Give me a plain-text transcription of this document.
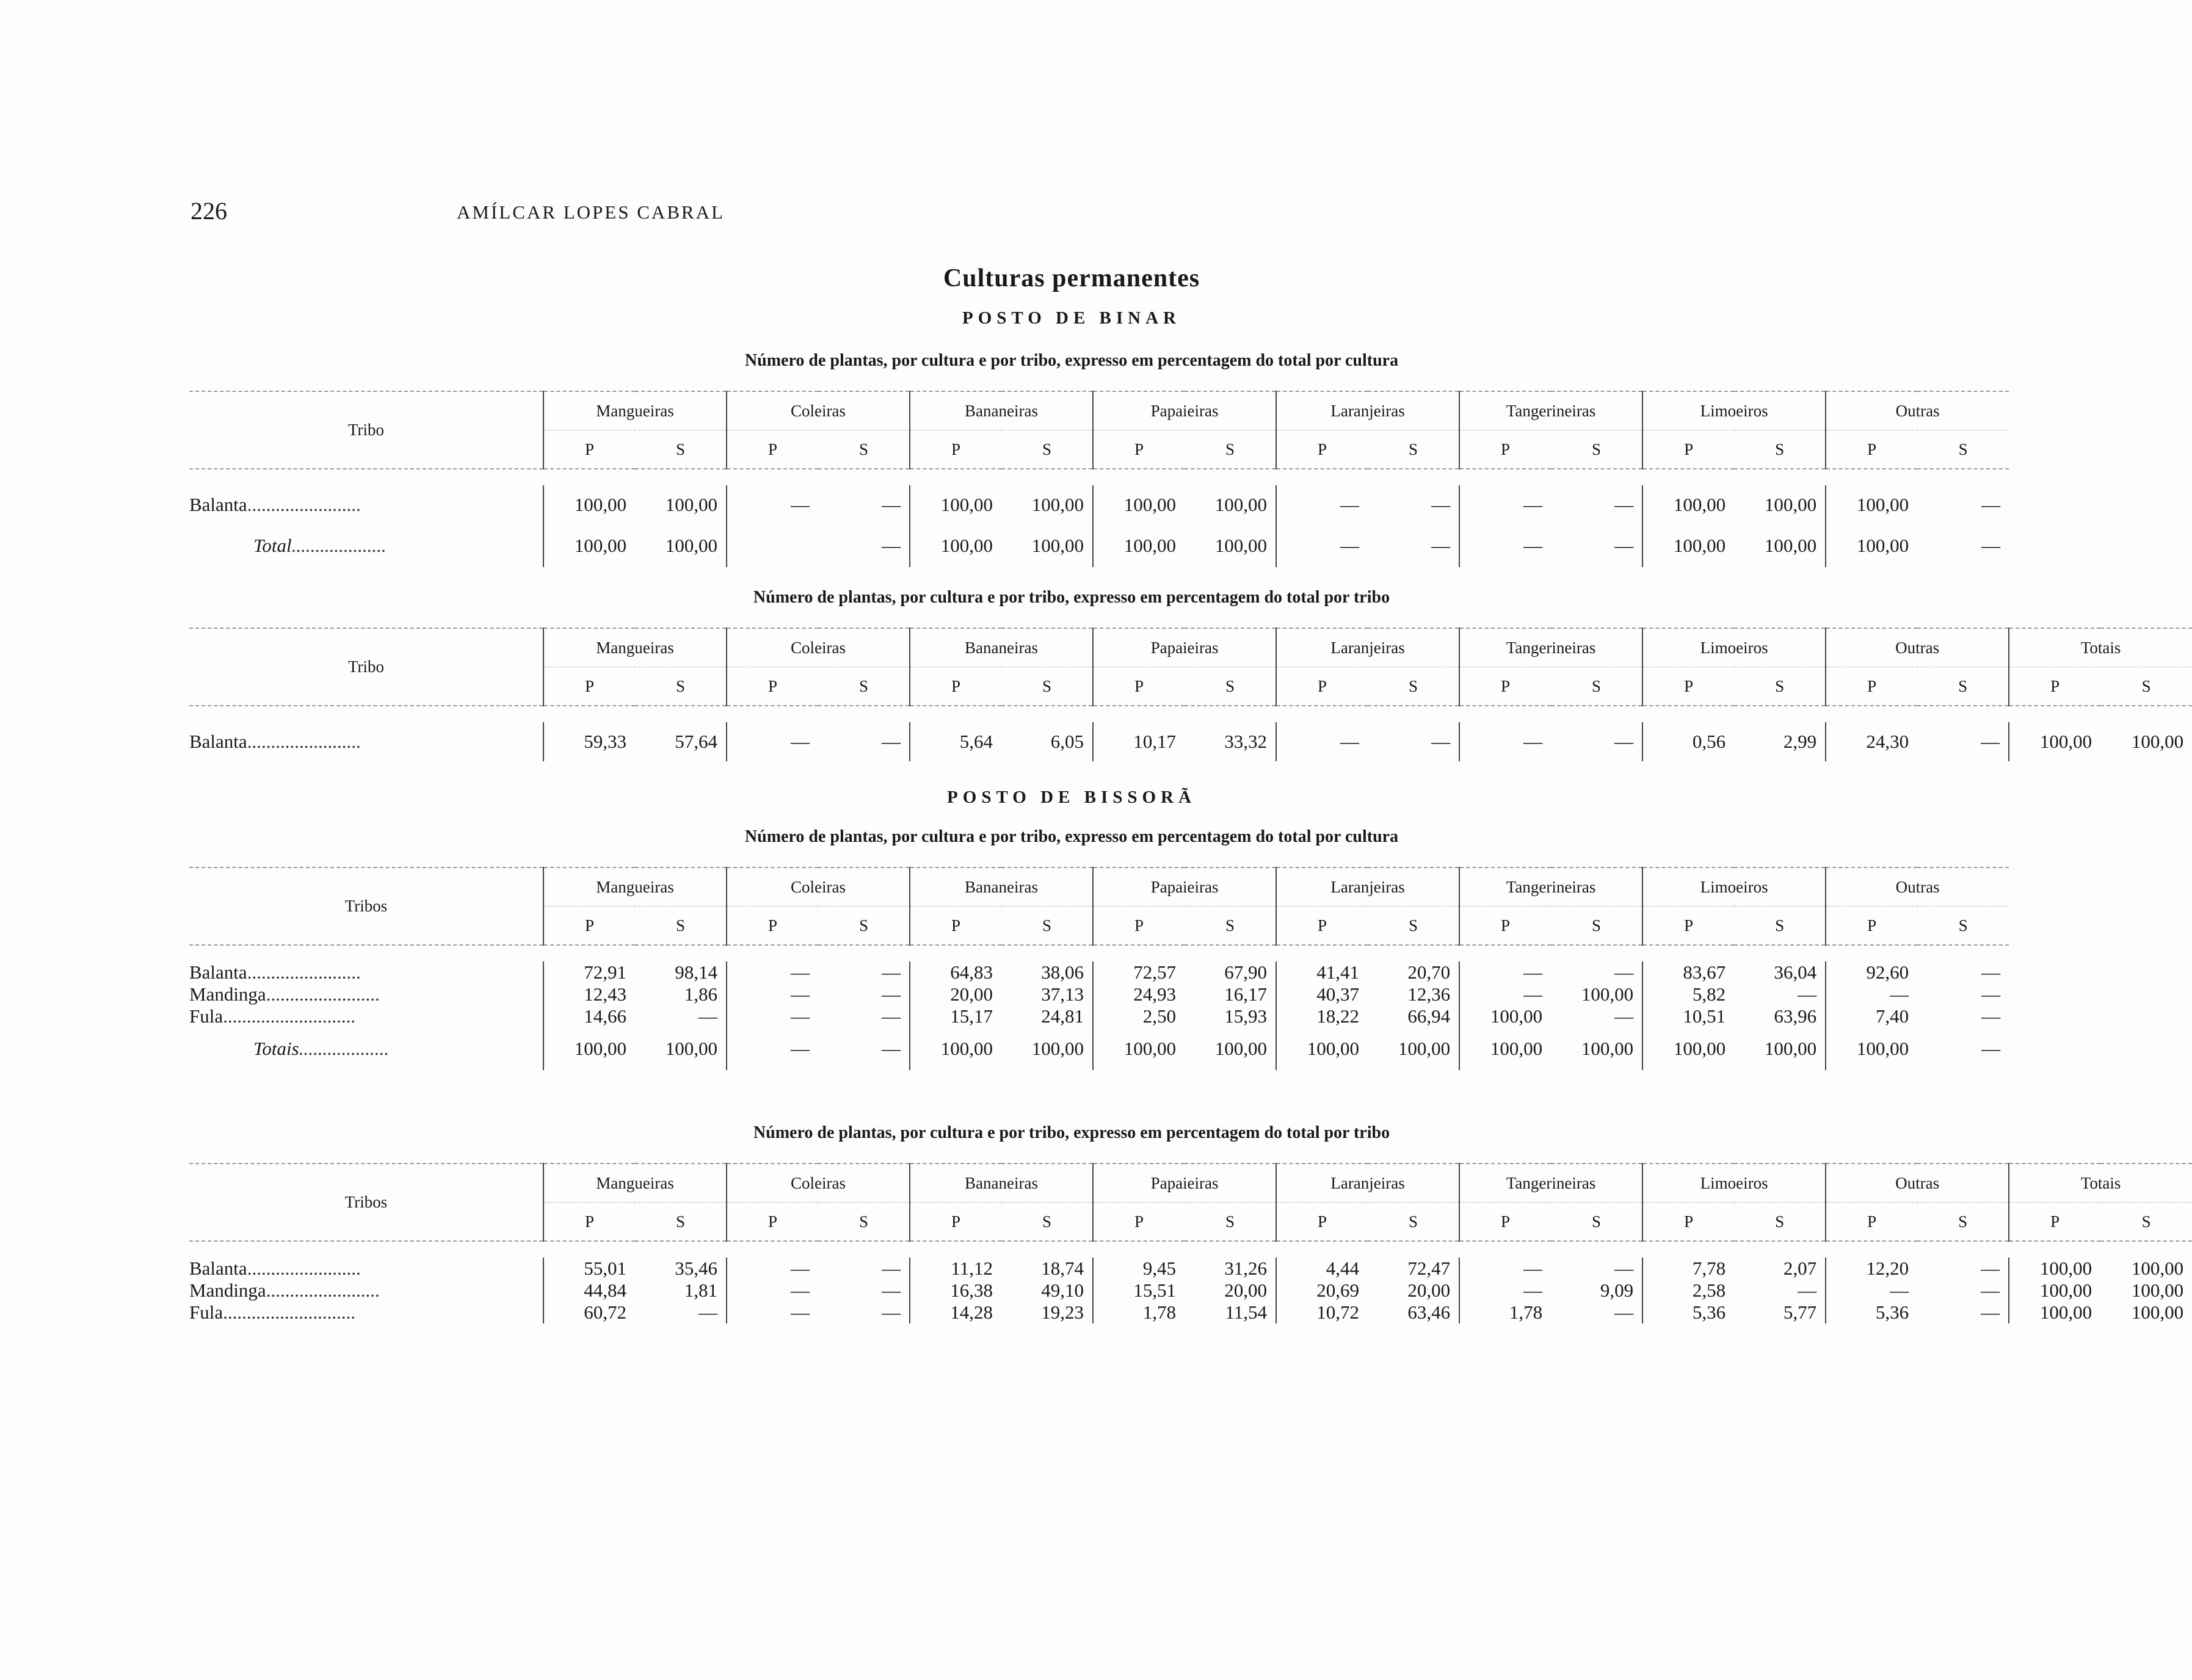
226	AMÍLCAR LOPES CABRAL
Culturas permanentes
POSTO DE BINAR
Número de plantas, por cultura e por tribo, expresso em percentagem do total por cultura
Tribo	Mangueiras		Coleiras		Bananeiras		Papaieiras		Laranjeiras		Tangerineiras		Limoeiros		Outras	
	P	S	P	S	P	S	P	S	P	S	P	S	P	S	P	S

Balanta........................	100,00	100,00	—	—	100,00	100,00	100,00	100,00	—	—	—	—	100,00	100,00	100,00	—
Total....................	100,00	100,00		—	100,00	100,00	100,00	100,00	—	—	—	—	100,00	100,00	100,00	—
Número de plantas, por cultura e por tribo, expresso em percentagem do total por tribo
Tribo	Mangueiras		Coleiras		Bananeiras		Papaieiras		Laranjeiras		Tangerineiras		Limoeiros		Outras		Totais	
	P	S	P	S	P	S	P	S	P	S	P	S	P	S	P	S	P	S

Balanta........................	59,33	57,64	—	—	5,64	6,05	10,17	33,32	—	—	—	—	0,56	2,99	24,30	—	100,00	100,00
POSTO DE BISSORÃ
Número de plantas, por cultura e por tribo, expresso em percentagem do total por cultura
Tribos	Mangueiras		Coleiras		Bananeiras		Papaieiras		Laranjeiras		Tangerineiras		Limoeiros		Outras	
	P	S	P	S	P	S	P	S	P	S	P	S	P	S	P	S

Balanta........................	72,91	98,14	—	—	64,83	38,06	72,57	67,90	41,41	20,70	—	—	83,67	36,04	92,60	—
Mandinga........................	12,43	1,86	—	—	20,00	37,13	24,93	16,17	40,37	12,36	—	100,00	5,82	—	—	—
Fula............................	14,66	—	—	—	15,17	24,81	2,50	15,93	18,22	66,94	100,00	—	10,51	63,96	7,40	—
Totais...................	100,00	100,00	—	—	100,00	100,00	100,00	100,00	100,00	100,00	100,00	100,00	100,00	100,00	100,00	—
Número de plantas, por cultura e por tribo, expresso em percentagem do total por tribo
Tribos	Mangueiras		Coleiras		Bananeiras		Papaieiras		Laranjeiras		Tangerineiras		Limoeiros		Outras		Totais	
	P	S	P	S	P	S	P	S	P	S	P	S	P	S	P	S	P	S

Balanta........................	55,01	35,46	—	—	11,12	18,74	9,45	31,26	4,44	72,47	—	—	7,78	2,07	12,20	—	100,00	100,00
Mandinga........................	44,84	1,81	—	—	16,38	49,10	15,51	20,00	20,69	20,00	—	9,09	2,58	—	—	—	100,00	100,00
Fula............................	60,72	—	—	—	14,28	19,23	1,78	11,54	10,72	63,46	1,78	—	5,36	5,77	5,36	—	100,00	100,00
